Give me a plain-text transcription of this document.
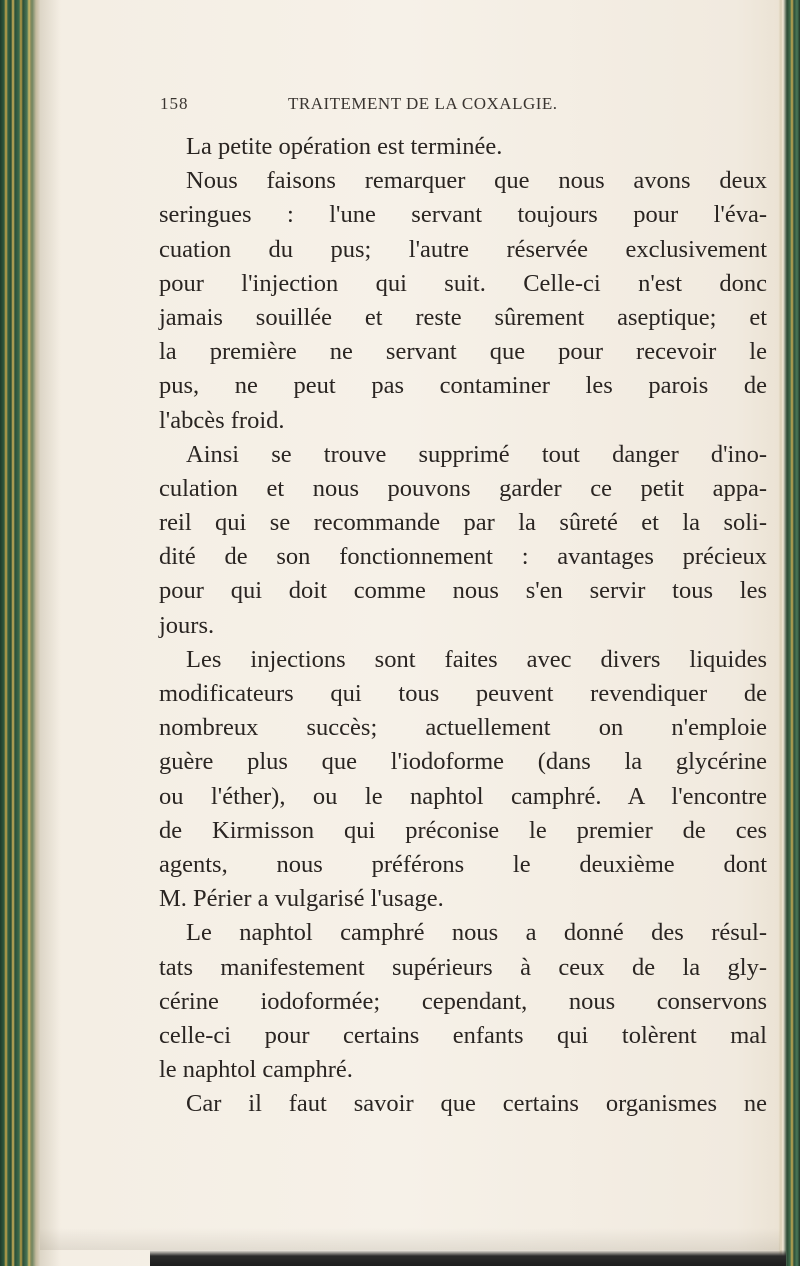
158	TRAITEMENT DE LA COXALGIE.
La petite opération est terminée.
Nous faisons remarquer que nous avons deux
seringues : l'une servant toujours pour l'éva-
cuation du pus; l'autre réservée exclusivement
pour l'injection qui suit. Celle-ci n'est donc
jamais souillée et reste sûrement aseptique; et
la première ne servant que pour recevoir le
pus, ne peut pas contaminer les parois de
l'abcès froid.
Ainsi se trouve supprimé tout danger d'ino-
culation et nous pouvons garder ce petit appa-
reil qui se recommande par la sûreté et la soli-
dité de son fonctionnement : avantages précieux
pour qui doit comme nous s'en servir tous les
jours.
Les injections sont faites avec divers liquides
modificateurs qui tous peuvent revendiquer de
nombreux succès; actuellement on n'emploie
guère plus que l'iodoforme (dans la glycérine
ou l'éther), ou le naphtol camphré. A l'encontre
de Kirmisson qui préconise le premier de ces
agents, nous préférons le deuxième dont
M. Périer a vulgarisé l'usage.
Le naphtol camphré nous a donné des résul-
tats manifestement supérieurs à ceux de la gly-
cérine iodoformée; cependant, nous conservons
celle-ci pour certains enfants qui tolèrent mal
le naphtol camphré.
Car il faut savoir que certains organismes ne
